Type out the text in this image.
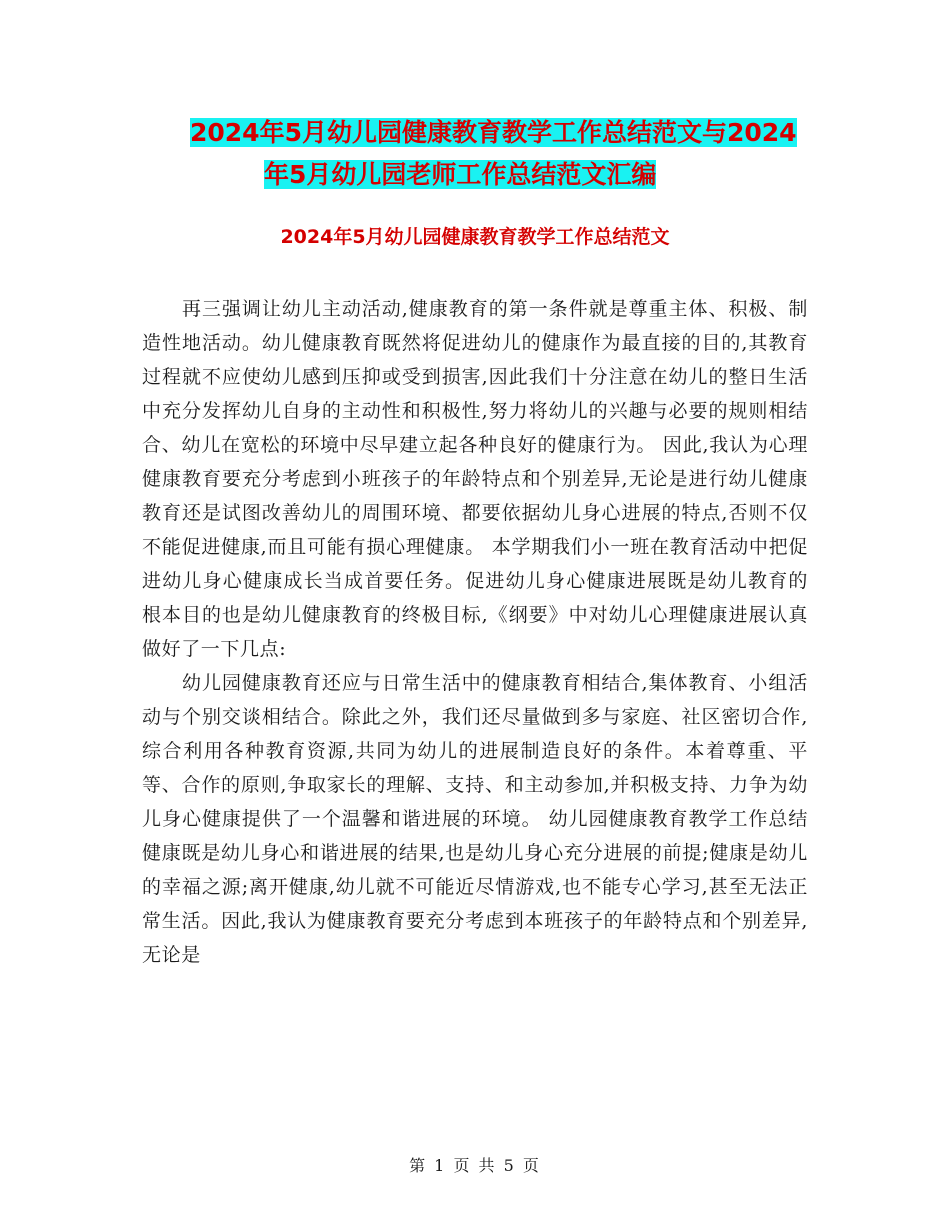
2024年5月幼儿园健康教育教学工作总结范文与2024
年5月幼儿园老师工作总结范文汇编
2024年5月幼儿园健康教育教学工作总结范文

再三强调让幼儿主动活动,健康教育的第一条件就是尊重主体、积极、制造性地活动。幼儿健康教育既然将促进幼儿的健康作为最直接的目的,其教育过程就不应使幼儿感到压抑或受到损害,因此我们十分注意在幼儿的整日生活中充分发挥幼儿自身的主动性和积极性,努力将幼儿的兴趣与必要的规则相结合、幼儿在宽松的环境中尽早建立起各种良好的健康行为。 因此,我认为心理健康教育要充分考虑到小班孩子的年龄特点和个别差异,无论是进行幼儿健康教育还是试图改善幼儿的周围环境、都要依据幼儿身心进展的特点,否则不仅不能促进健康,而且可能有损心理健康。 本学期我们小一班在教育活动中把促进幼儿身心健康成长当成首要任务。促进幼儿身心健康进展既是幼儿教育的根本目的也是幼儿健康教育的终极目标,《纲要》中对幼儿心理健康进展认真做好了一下几点:

幼儿园健康教育还应与日常生活中的健康教育相结合,集体教育、小组活动与个别交谈相结合。除此之外，我们还尽量做到多与家庭、社区密切合作,综合利用各种教育资源,共同为幼儿的进展制造良好的条件。本着尊重、平等、合作的原则,争取家长的理解、支持、和主动参加,并积极支持、力争为幼儿身心健康提供了一个温馨和谐进展的环境。 幼儿园健康教育教学工作总结 健康既是幼儿身心和谐进展的结果,也是幼儿身心充分进展的前提;健康是幼儿的幸福之源;离开健康,幼儿就不可能近尽情游戏,也不能专心学习,甚至无法正常生活。因此,我认为健康教育要充分考虑到本班孩子的年龄特点和个别差异,无论是

第 1 页 共 5 页
